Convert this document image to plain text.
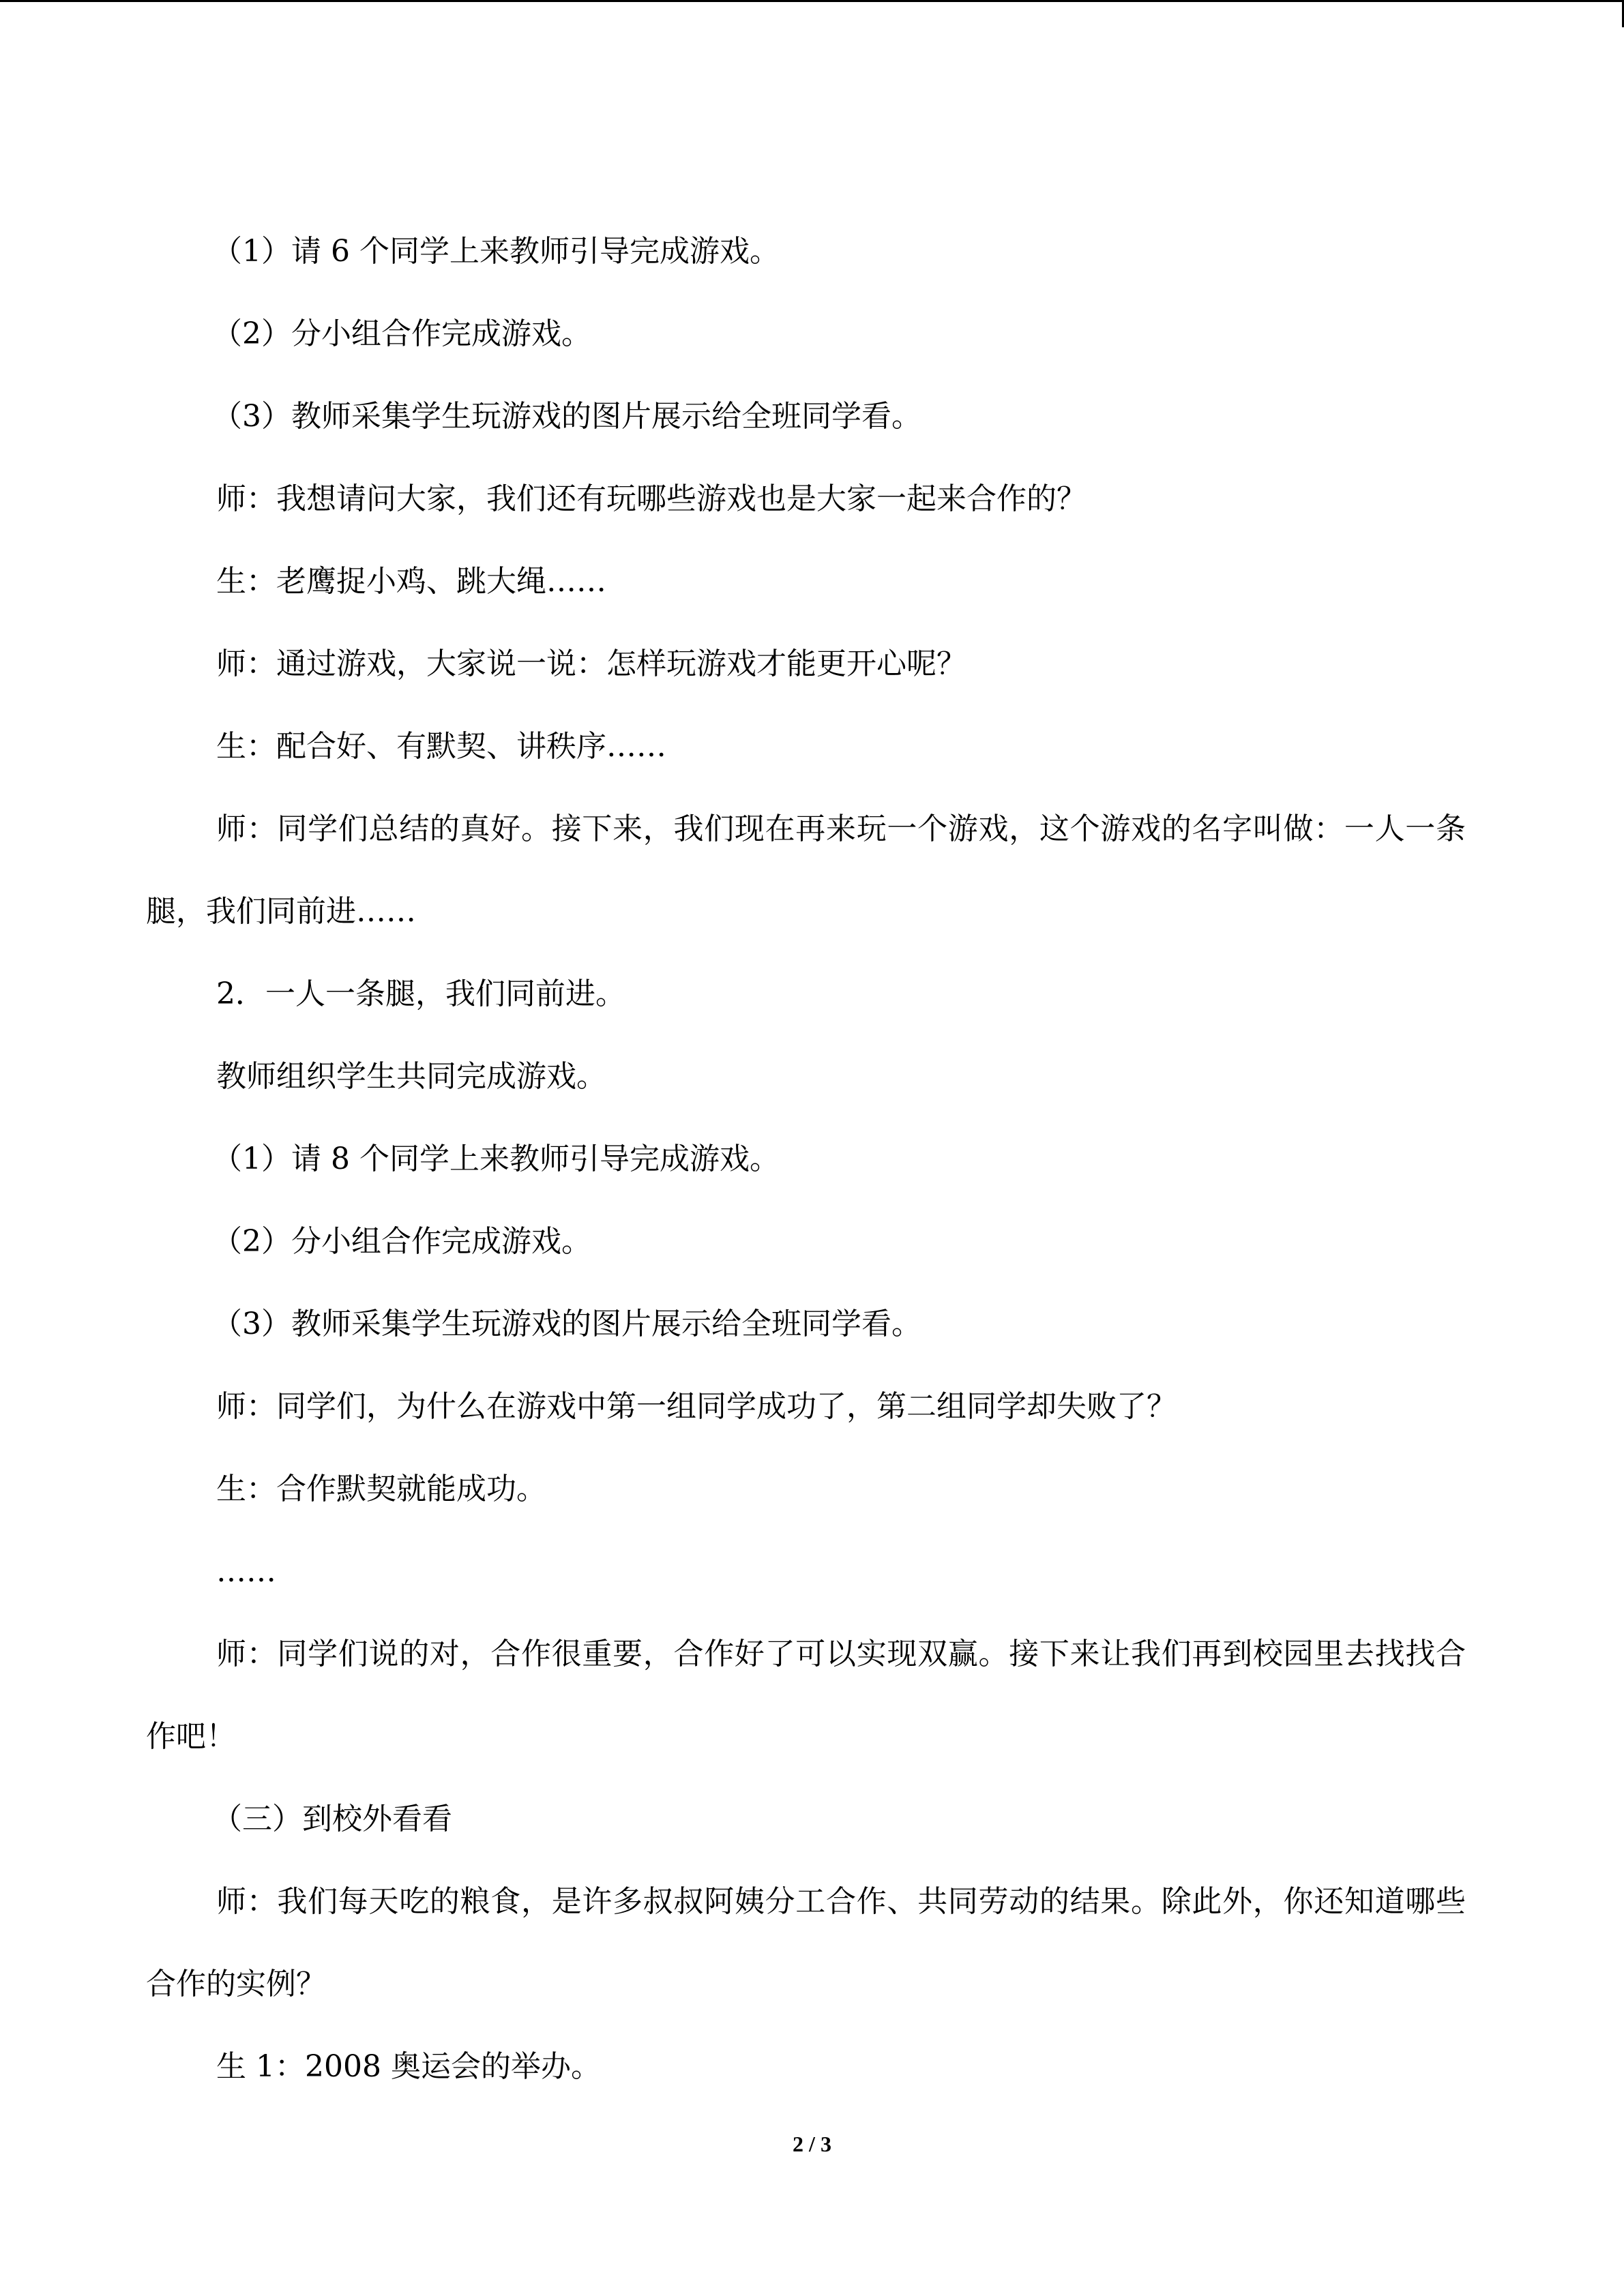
（1）请 6 个同学上来教师引导完成游戏。

（2）分小组合作完成游戏。

（3）教师采集学生玩游戏的图片展示给全班同学看。

师：我想请问大家，我们还有玩哪些游戏也是大家一起来合作的？

生：老鹰捉小鸡、跳大绳……

师：通过游戏，大家说一说：怎样玩游戏才能更开心呢？

生：配合好、有默契、讲秩序……

师：同学们总结的真好。接下来，我们现在再来玩一个游戏，这个游戏的名字叫做：一人一条腿，我们同前进……

2．一人一条腿，我们同前进。

教师组织学生共同完成游戏。

（1）请 8 个同学上来教师引导完成游戏。

（2）分小组合作完成游戏。

（3）教师采集学生玩游戏的图片展示给全班同学看。

师：同学们，为什么在游戏中第一组同学成功了，第二组同学却失败了？

生：合作默契就能成功。

……

师：同学们说的对，合作很重要，合作好了可以实现双赢。接下来让我们再到校园里去找找合作吧！

（三）到校外看看

师：我们每天吃的粮食，是许多叔叔阿姨分工合作、共同劳动的结果。除此外，你还知道哪些合作的实例？

生 1：2008 奥运会的举办。

2 / 3
